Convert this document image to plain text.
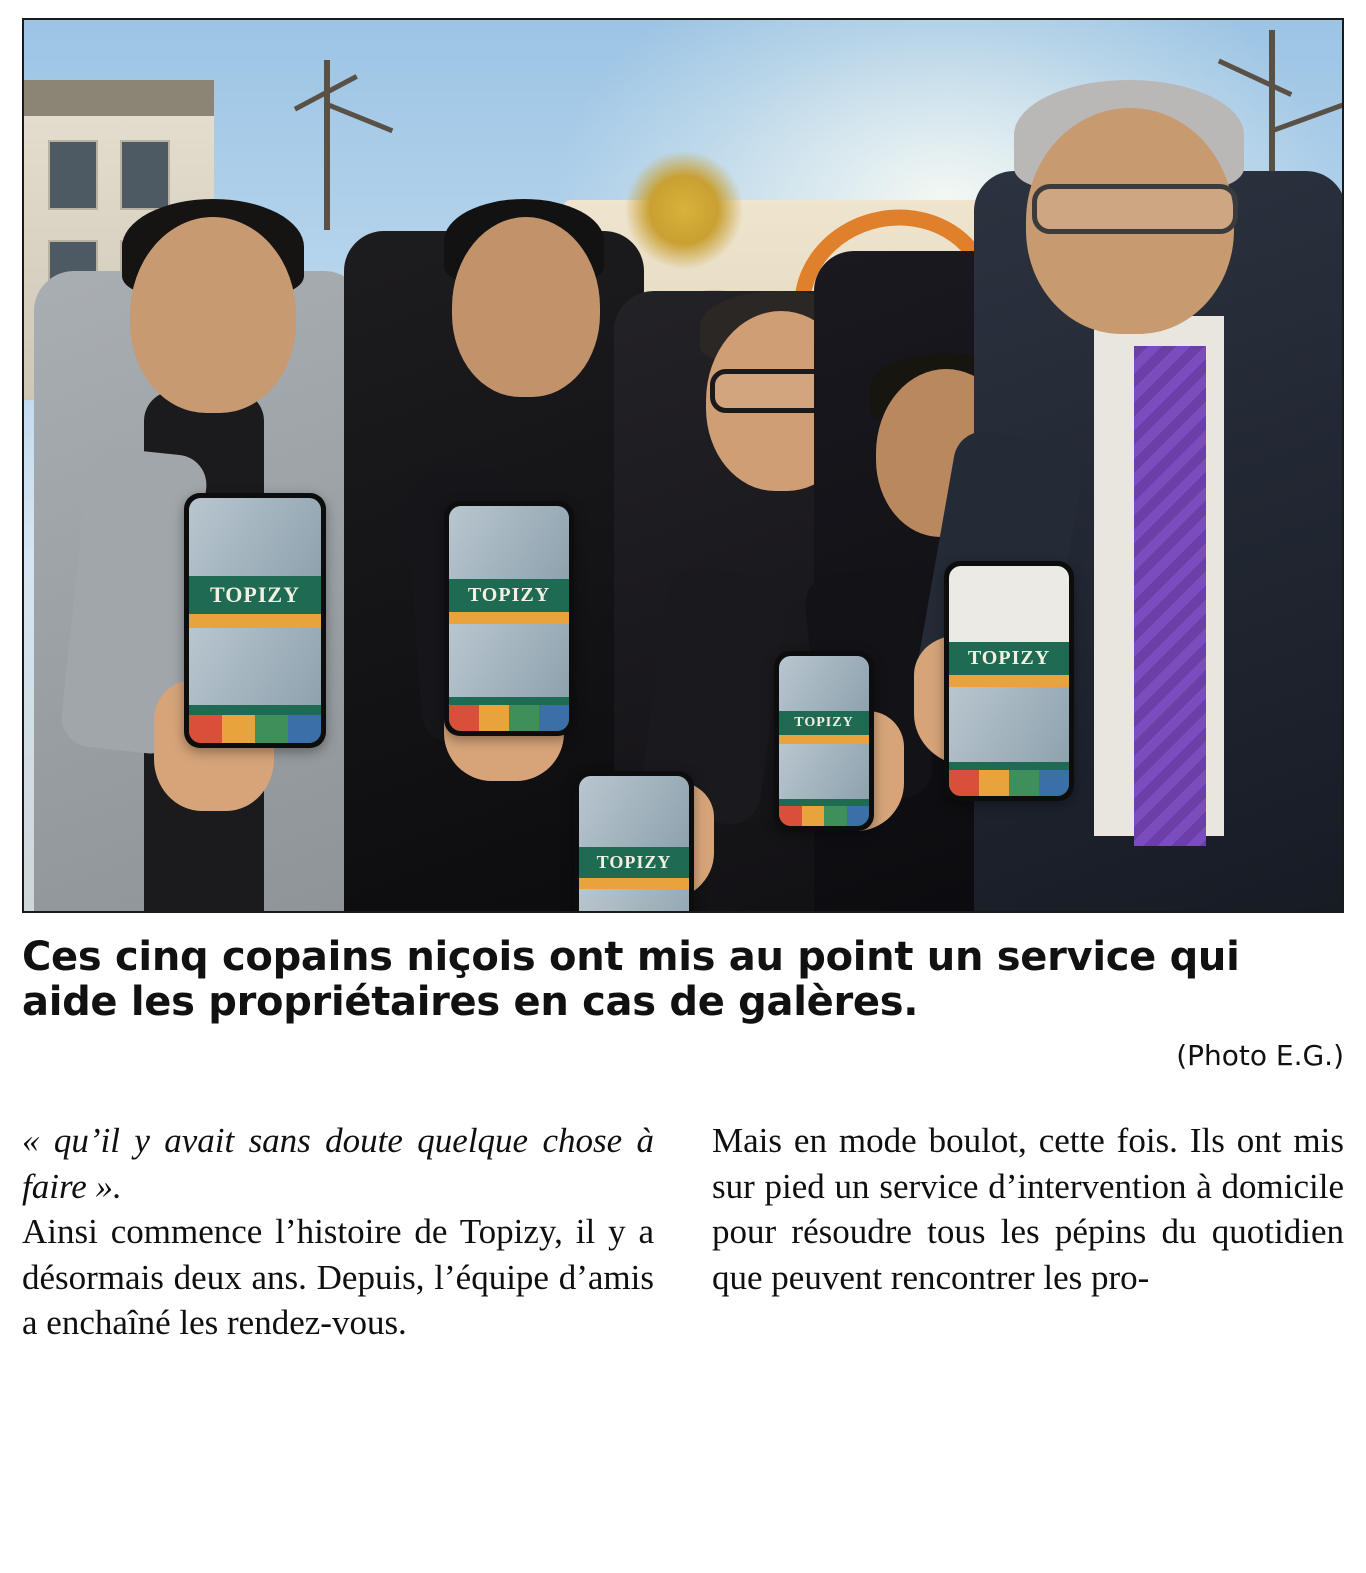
TOPIZY	TOPIZY
TOPIZY
TOPIZY
TOPIZY
Ces cinq copains niçois ont mis au point un service qui aide les propriétaires en cas de galères.
(Photo E.G.)

« qu’il y avait sans doute quelque chose à faire ».

Ainsi commence l’histoire de Topizy, il y a désormais deux ans. Depuis, l’équipe d’amis a enchaîné les rendez-vous.

Mais en mode boulot, cette fois. Ils ont mis sur pied un service d’intervention à domicile pour résoudre tous les pépins du quotidien que peuvent rencontrer les pro-
